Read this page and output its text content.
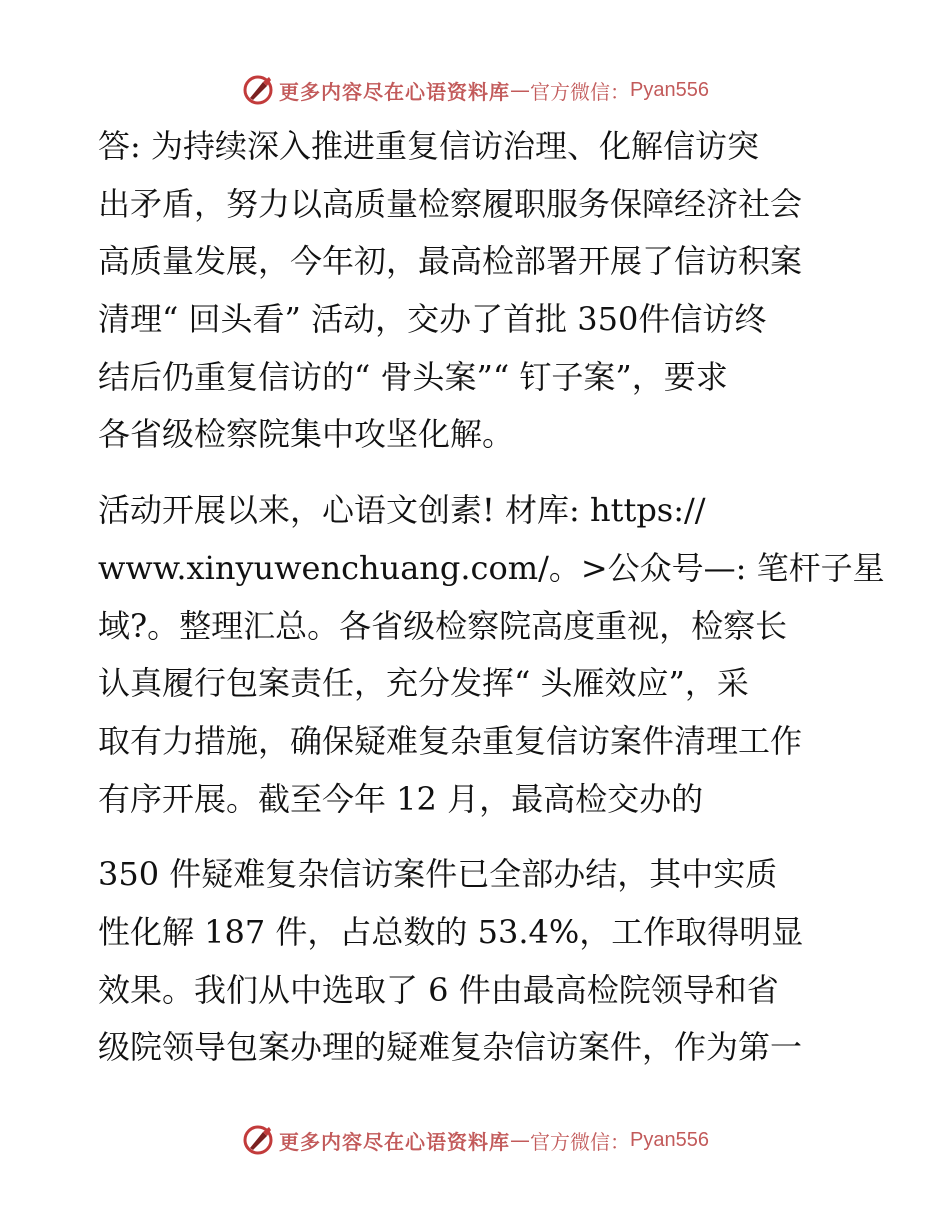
更多内容尽在心语资料库 — 官方微信： Pyan556
答: 为持续深入推进重复信访治理、化解信访突
出矛盾，努力以高质量检察履职服务保障经济社会
高质量发展，今年初，最高检部署开展了信访积案
清理“ 回头看” 活动，交办了首批 350件信访终
结后仍重复信访的“ 骨头案”“ 钉子案”，要求
各省级检察院集中攻坚化解。
活动开展以来，心语文创素! 材库: https://
www.xinyuwenchuang.com/。>公众号—: 笔杆子星
域?。整理汇总。各省级检察院高度重视，检察长
认真履行包案责任，充分发挥“ 头雁效应”，采
取有力措施，确保疑难复杂重复信访案件清理工作
有序开展。截至今年 12 月，最高检交办的
350 件疑难复杂信访案件已全部办结，其中实质
性化解 187 件，占总数的 53.4%，工作取得明显
效果。我们从中选取了 6 件由最高检院领导和省
级院领导包案办理的疑难复杂信访案件，作为第一
更多内容尽在心语资料库 — 官方微信： Pyan556
